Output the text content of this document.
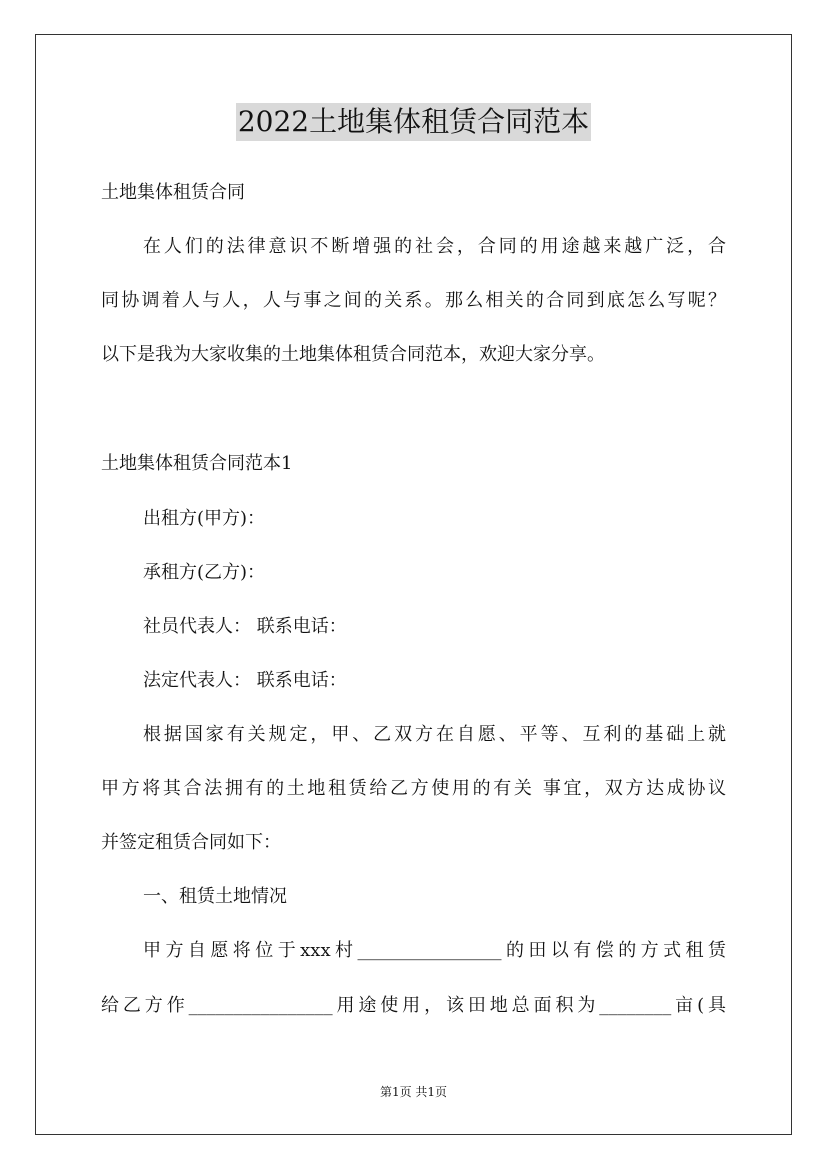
2022土地集体租赁合同范本
土地集体租赁合同
在人们的法律意识不断增强的社会，合同的用途越来越广泛，合
同协调着人与人，人与事之间的关系。那么相关的合同到底怎么写呢？
以下是我为大家收集的土地集体租赁合同范本，欢迎大家分享。
土地集体租赁合同范本1
出租方(甲方)：
承租方(乙方)：
社员代表人： 联系电话：
法定代表人： 联系电话：
根据国家有关规定，甲、乙双方在自愿、平等、互利的基础上就
甲方将其合法拥有的土地租赁给乙方使用的有关 事宜，双方达成协议
并签定租赁合同如下：
一、租赁土地情况
甲方自愿将位于xxx村________________的田以有偿的方式租赁
给乙方作________________用途使用，该田地总面积为________亩(具
第1页 共1页
